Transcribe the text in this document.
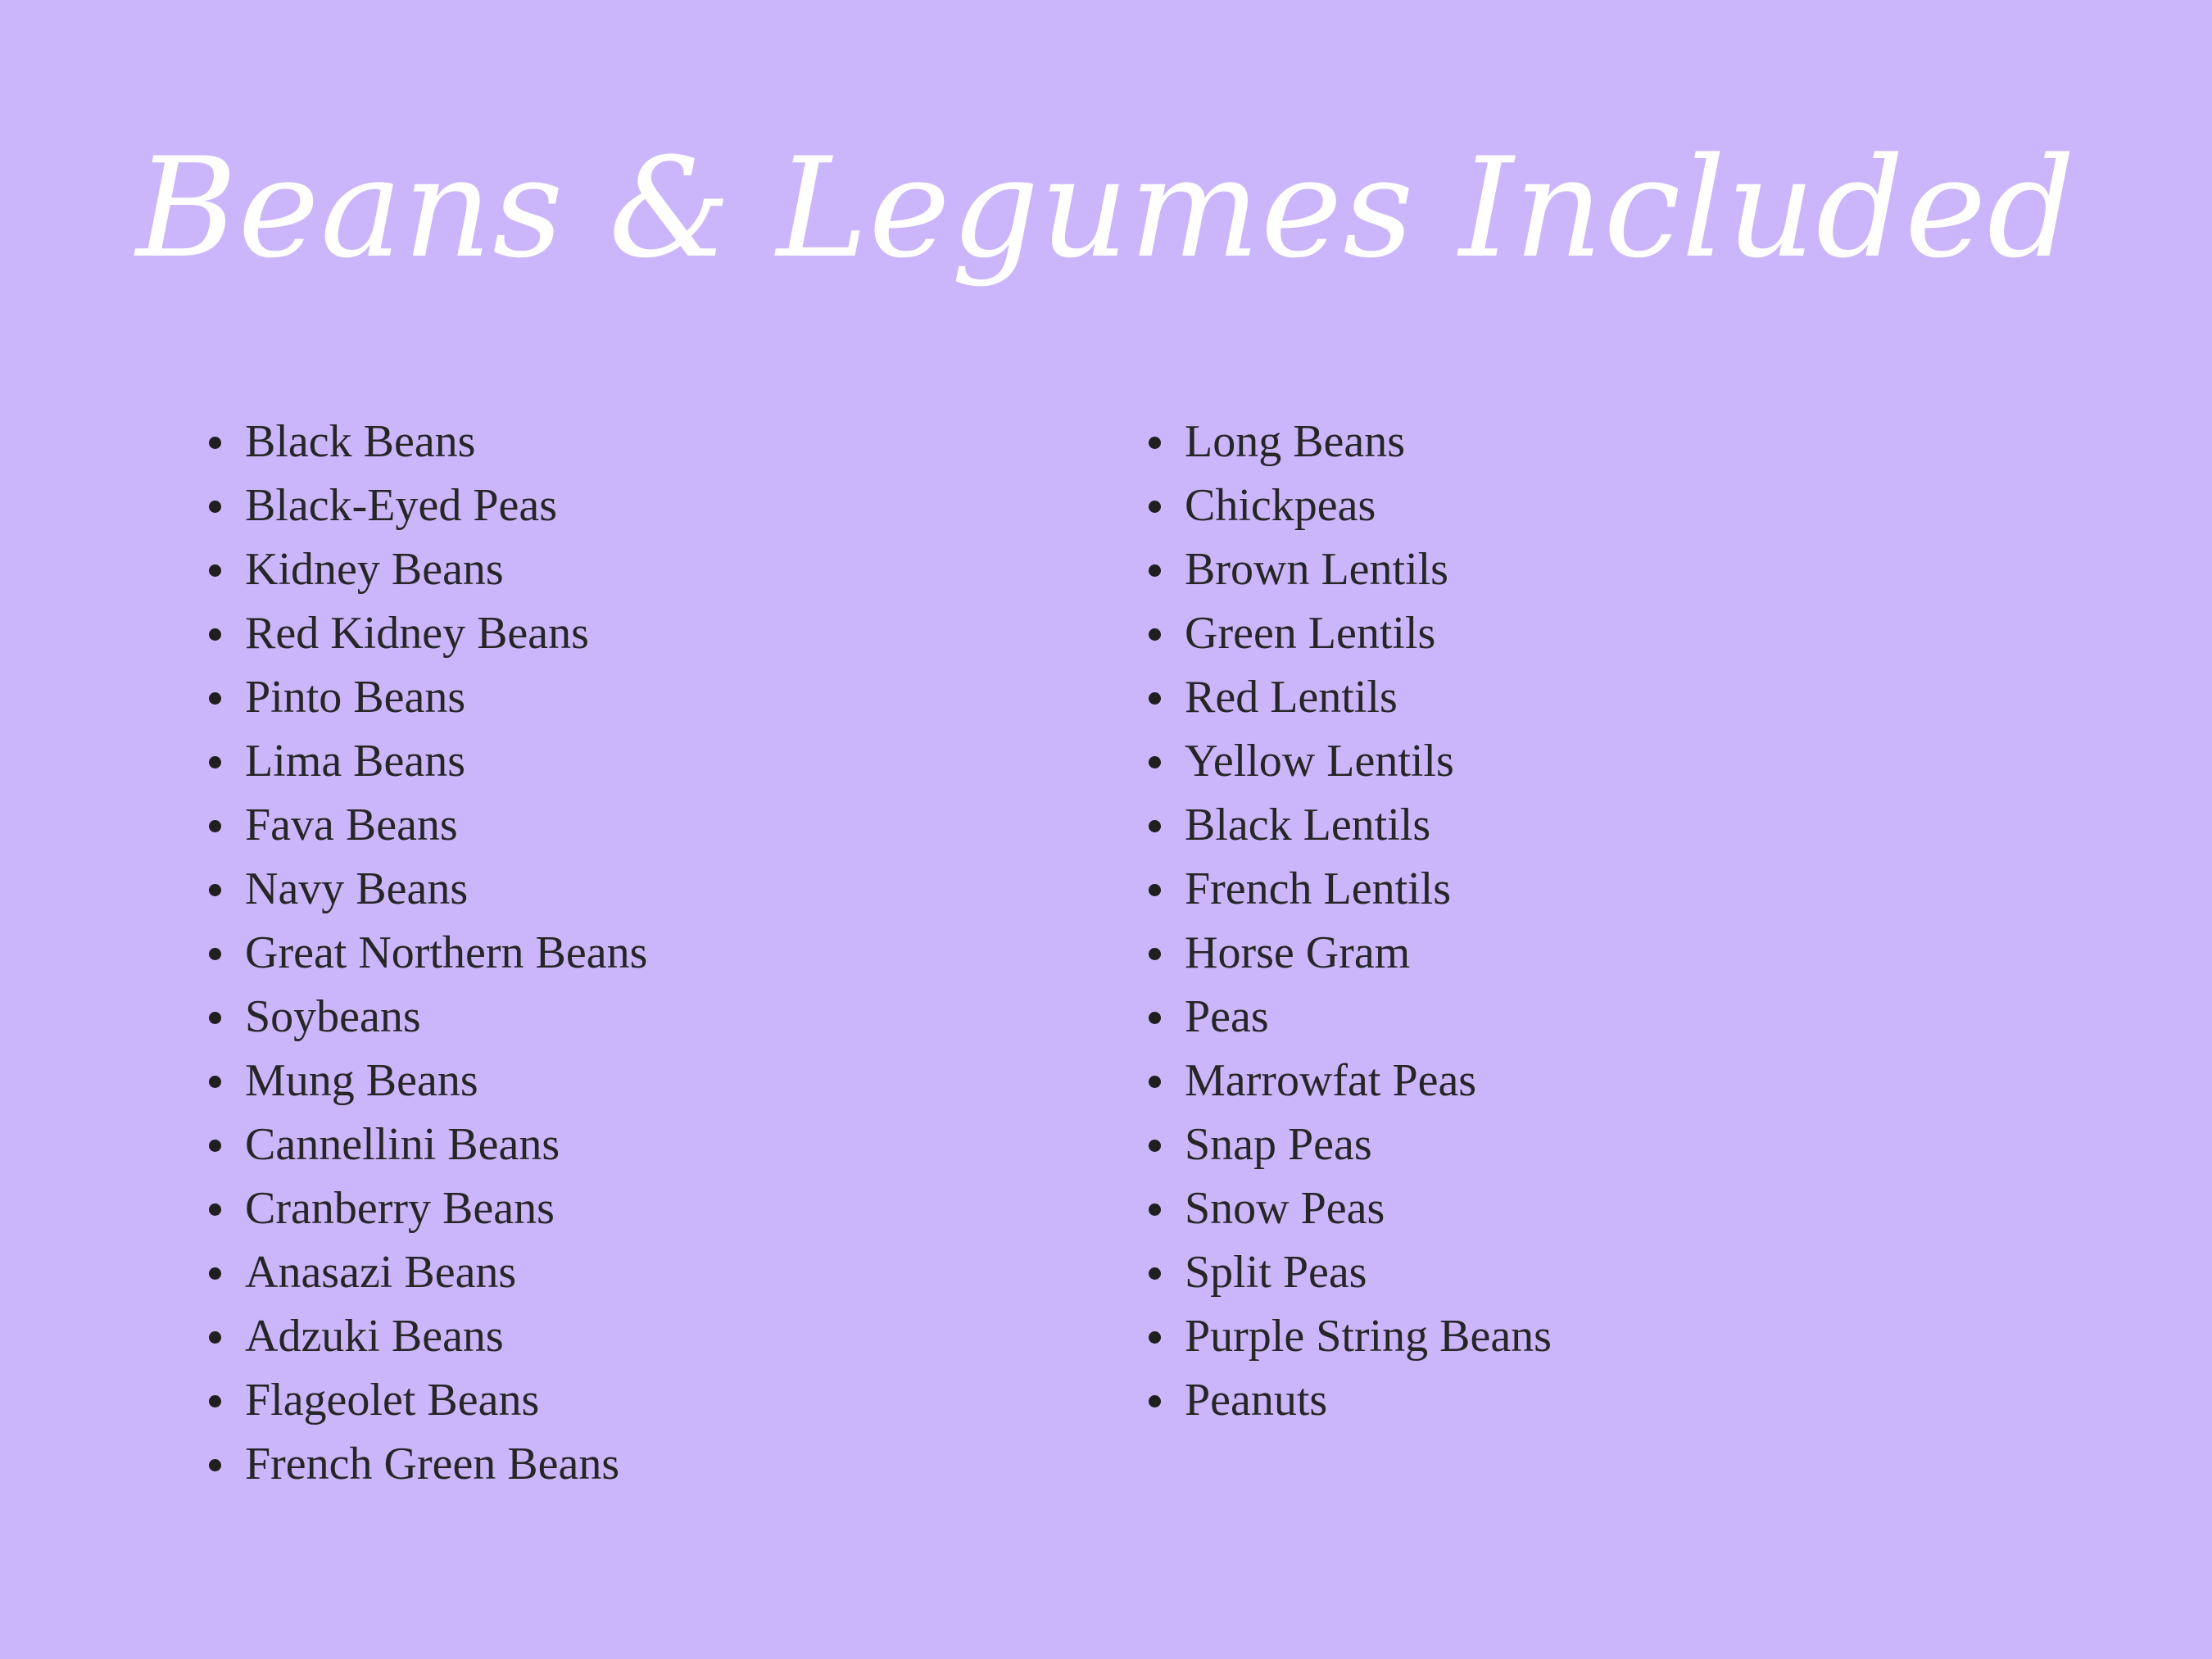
Beans & Legumes Included
Black Beans
Black-Eyed Peas
Kidney Beans
Red Kidney Beans
Pinto Beans
Lima Beans
Fava Beans
Navy Beans
Great Northern Beans
Soybeans
Mung Beans
Cannellini Beans
Cranberry Beans
Anasazi Beans
Adzuki Beans
Flageolet Beans
French Green Beans
Long Beans
Chickpeas
Brown Lentils
Green Lentils
Red Lentils
Yellow Lentils
Black Lentils
French Lentils
Horse Gram
Peas
Marrowfat Peas
Snap Peas
Snow Peas
Split Peas
Purple String Beans
Peanuts
